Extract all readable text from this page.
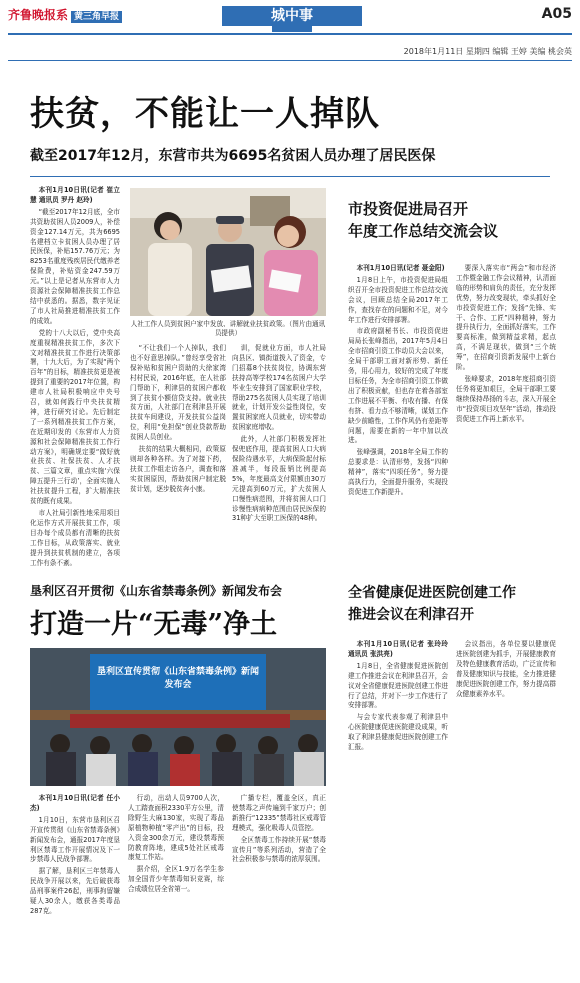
齐鲁晚报系 黄三角早报	城中事	A05
2018年1月11日 星期四 编辑 王婷 美编 桃会英
扶贫，不能让一人掉队
截至2017年12月，东营市共为6695名贫困人员办理了居民医保

本刊1月10日讯(记者 崔立慧 通讯员 罗丹 赵玲)

“截至2017年12月底，全市共资助贫困人员2009人，补偿资金127.14万元，共为6695名建档立卡贫困人员办理了居民医保，补贴157.76万元；为8253名重度残疾居民代缴养老保险费，补贴资金247.59万元。”以上是记者从东营市人力资源社会保障精准扶贫工作总结中获悉的。据悉，数字见证了市人社局推进精准扶贫工作的成效。

党的十八大以后，党中央高度重视精准扶贫工作，多次下文对精准扶贫工作进行决策部署，十九大后，为了实现“两个百年”的目标，精准扶贫更是被提到了重要的2017年位置，构建市人社局积极响应中央号召，就如何践行中央扶贫精神，进行研究讨论。先后制定了一系列精准扶贫工作方案，在近期印发的《东营市人力资源和社会保障精准扶贫工作行动方案》，明确规定要“做好就业扶贫、社保扶贫、人才扶贫、三篇文章，重点实施‘六保障五提升三行动’，全面实施人社扶贫提升工程，扩大精准扶贫的既有成果。

市人社局引新性地采用项目化运作方式开展扶贫工作，项目办每个成员都有清晰的扶贫工作目标，从政策落实、就业提升到扶贫机制的建立，各项工作有条不紊。

人社工作人员到贫困户家中发放、讲解就业扶贫政策。（图片由通讯员提供）

“不让我们一个人掉队，我们也不好意思掉队。”曾经享受省社保补贴和贫困户资助的大徐家湾村村民说，2016年底，在人社部门帮助下，利津县的贫困户都收到了扶贫小额信贷支持。就业扶贫方面，人社部门在利津县开展扶贫车间建设，开发扶贫公益岗位，利用“免担保”创业贷款帮助贫困人员创业。

扶贫的结果大概相同，政策原则却各种各样。为了对接下药，扶贫工作组走访各户，调查和落实贫困原因，帮助贫困户制定脱贫计划，逐步脱贫奔小康。

训，促就业方面，市人社局向县区、镇街道拨入了资金，专门招募8个扶贫岗位，协调东营扶持高等学校174名贫困户大学毕业生安排到了国家职业学校，帮助275名贫困人员实现了培训就业，计划开发公益性岗位，安置贫困家庭人员就业，切实带动贫困家庭增收。

此外，人社部门积极发挥社保兜底作用，提高贫困人口大病保险待遇水平，大病保险起付标准减半，每段报销比例提高5%，年度最高支付限额由30万元提高到60万元，扩大贫困人口慢性病范围，并将贫困人口门诊慢性病病种范围由居民医保的31种扩大至职工医保的48种。

市投资促进局召开
年度工作总结交流会议

本刊1月10日讯(记者 聂金阳)

1月8日上午，市投资促进局组织召开全市投资促进工作总结交流会议，回顾总结全局2017年工作，查找存在的问题和不足，对今年工作进行安排部署。

市政府副秘书长、市投资促进局局长张峰指出，2017年5月4日全市招商引资工作动员大会以来，全局干部职工面对新形势、新任务，用心用力，较好的完成了年度目标任务，为全市招商引资工作做出了积极贡献，但也存在着各部室工作进展不平衡、有收有播、有保有挤、看力点不够清晰，谋划工作缺少前瞻性，工作作风仍有差距等问题，需要在新的一年中加以改进。

张峰强调，2018年全局工作的总要求是：认清形势，发扬“四种精神”，落实“四项任务”，努力提高执行力，全面提升服务，实现投资促进工作新提升。

要深入落实市“两会”和市经济工作暨金融工作会议精神，认清面临的形势和肩负的责任，充分发挥优势，努力改变现状，牵头抓好全市投资促进工作；发扬“先锋、实干、合作、工匠”四种精神，努力提升执行力，全面抓好落实，工作要高标准，做到精益求精，起点高，不满足现状，做到“三个统筹”，在招商引资新发展中上新台阶。

张峰要求，2018年度招商引资任务将更加艰巨，全局干部职工要继续保持昂扬的斗志，深入开展全市“投资项目攻坚年”活动，推动投资促进工作再上新水平。

垦利区召开贯彻《山东省禁毒条例》新闻发布会
打造一片“无毒”净土
垦利区宣传贯彻《山东省禁毒条例》新闻发布会

本刊1月10日讯(记者 任小杰)

1月10日，东营市垦利区召开宣传贯彻《山东省禁毒条例》新闻发布会，通报2017年度垦利区禁毒工作开展情况及下一步禁毒人民战争部署。

据了解，垦利区三年禁毒人民战争开展以来，先后破获毒品刑事案件26起，刑事拘留嫌疑人30余人，缴获各类毒品287克。

行动，出动人员9700人次，人工踏查面积2330平方公里，清除野生大麻130家，实现了毒品原植物种植“零产出”的目标，投入资金300余万元，建设禁毒预防教育阵地，建成5处社区戒毒康复工作站。

据介绍，全区1.9万名学生参加全国青少年禁毒知识竞赛，综合成绩位居全省第一。

广播专栏，覆盖全区，真正使禁毒之声传遍到千家万户；创新推行“12335”禁毒社区戒毒管理模式，强化吸毒人员管控。

全区禁毒工作持续开展“禁毒宣传月”等系列活动，营造了全社会积极参与禁毒的浓厚氛围。

全省健康促进医院创建工作
推进会议在利津召开

本刊1月10日讯(记者 张玲玲 通讯员 张洪亮)

1月8日，全省健康促进医院创建工作推进会议在利津县召开，会议对全省健康促进医院创建工作进行了总结，并对下一步工作进行了安排部署。

与会专家代表参观了利津县中心医院健康促进医院建设成果，听取了利津县健康促进医院创建工作汇报。

会议指出，各单位要以健康促进医院创建为抓手，开展健康教育及特色健康教育活动，广泛宣传和普及健康知识与技能，全力推进健康促进医院创建工作，努力提高群众健康素养水平。
